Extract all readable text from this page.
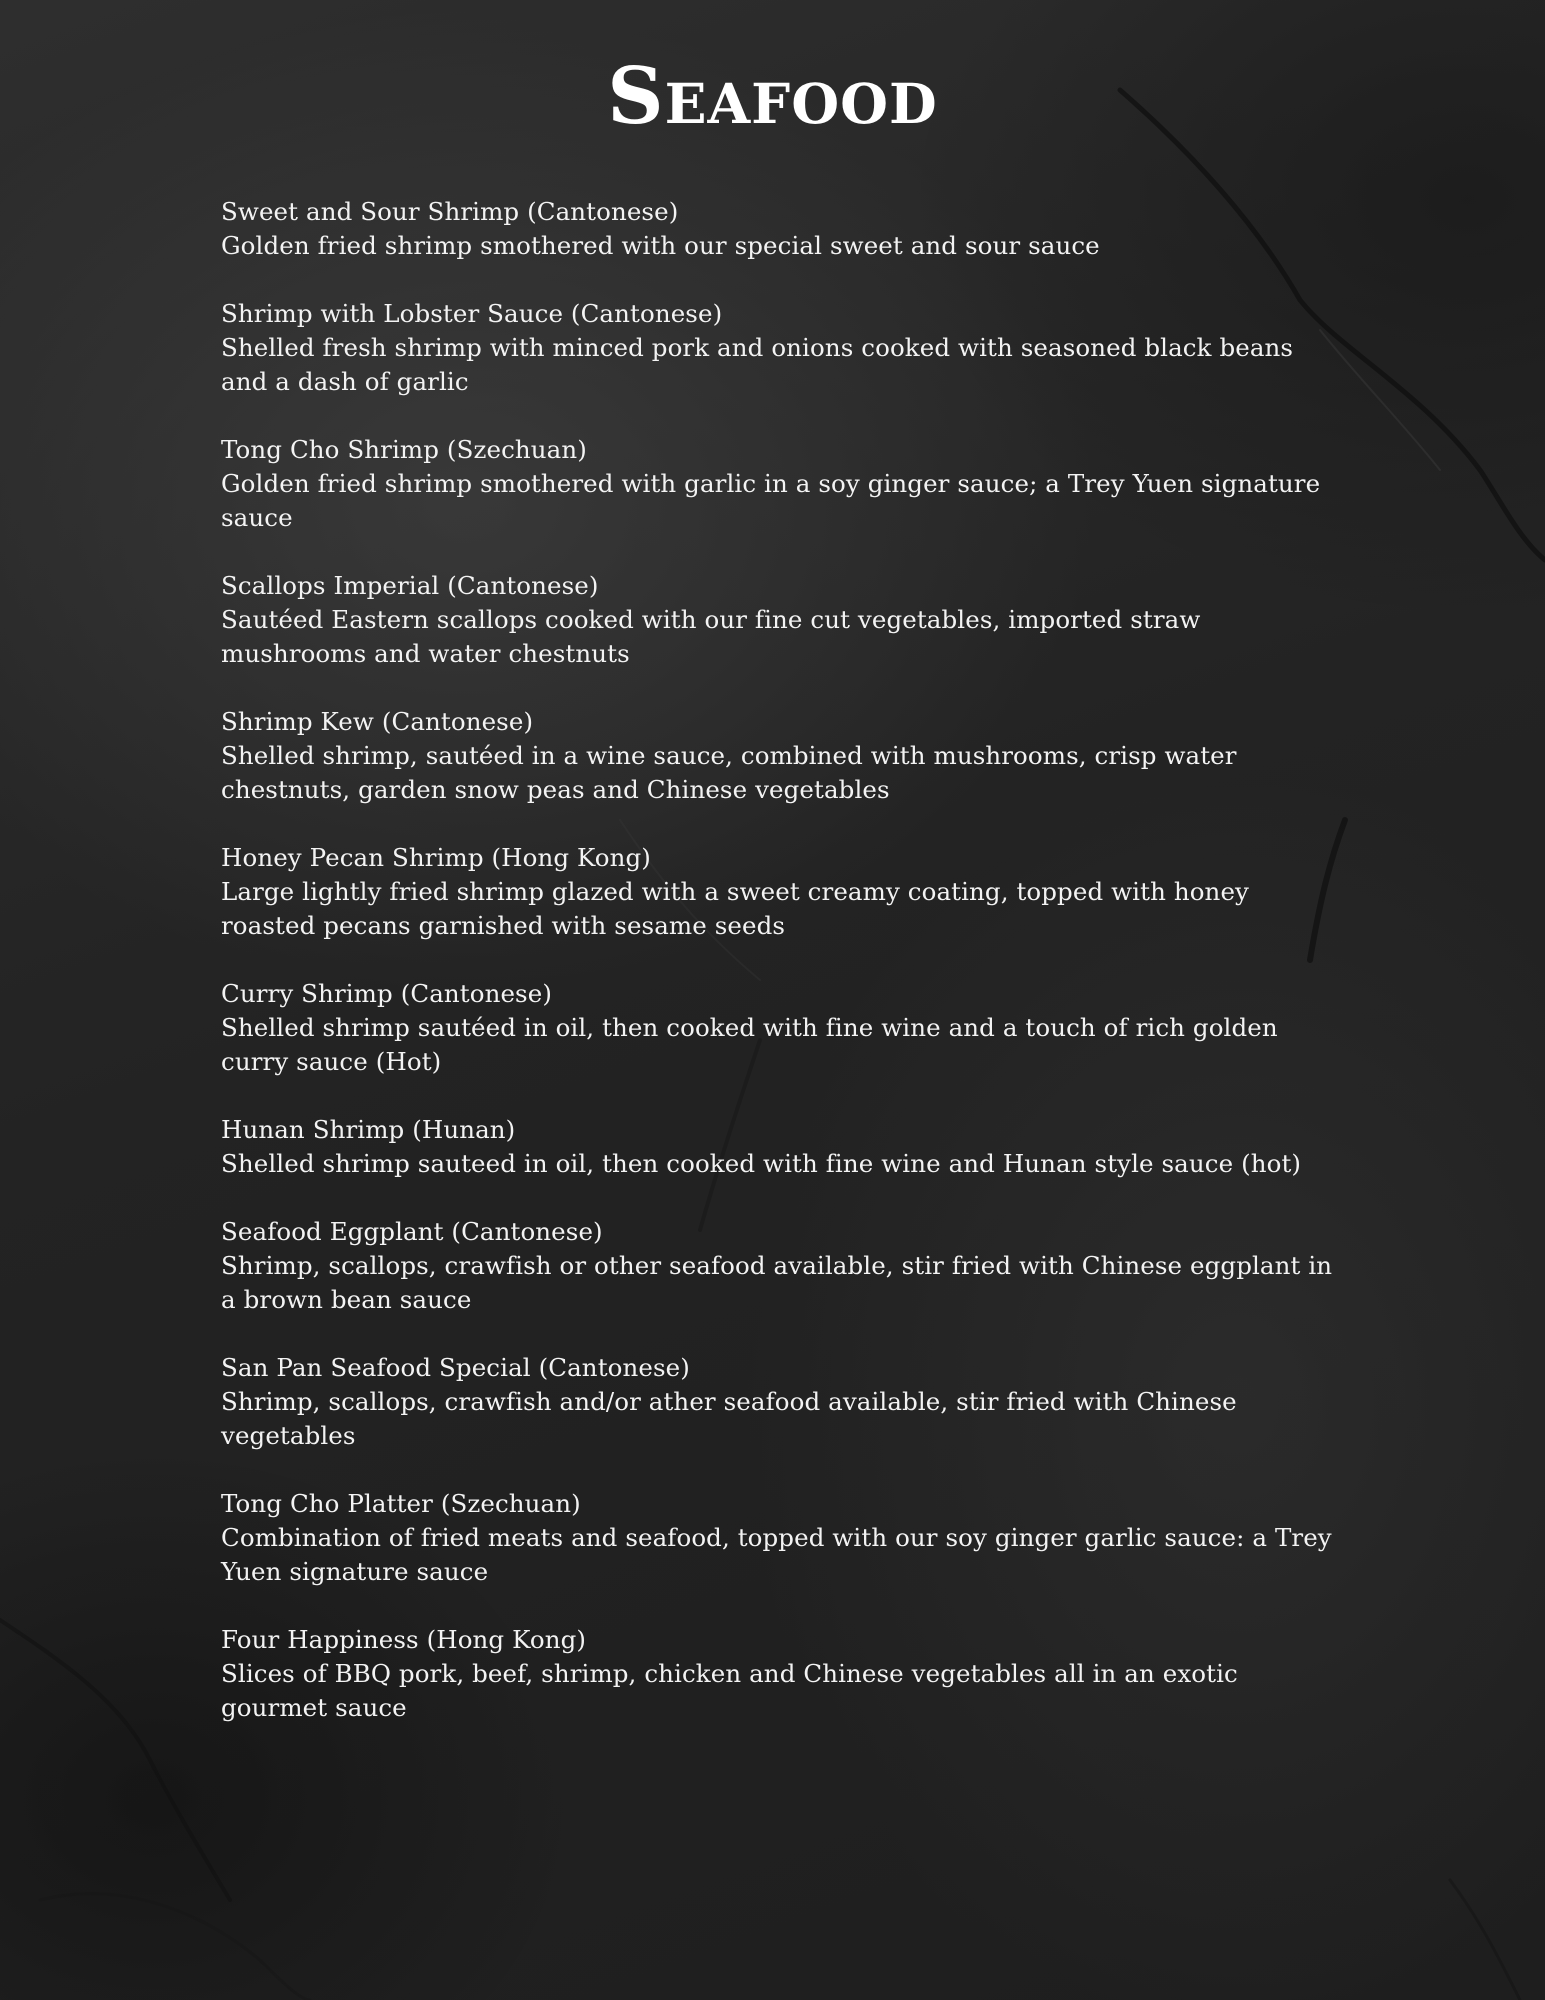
Seafood
Sweet and Sour Shrimp (Cantonese)
Golden fried shrimp smothered with our special sweet and sour sauce
Shrimp with Lobster Sauce (Cantonese)
Shelled fresh shrimp with minced pork and onions cooked with seasoned black beans and a dash of garlic
Tong Cho Shrimp (Szechuan)
Golden fried shrimp smothered with garlic in a soy ginger sauce; a Trey Yuen signature sauce
Scallops Imperial (Cantonese)
Sautéed Eastern scallops cooked with our fine cut vegetables, imported straw mushrooms and water chestnuts
Shrimp Kew (Cantonese)
Shelled shrimp, sautéed in a wine sauce, combined with mushrooms, crisp water chestnuts, garden snow peas and Chinese vegetables
Honey Pecan Shrimp (Hong Kong)
Large lightly fried shrimp glazed with a sweet creamy coating, topped with honey roasted pecans garnished with sesame seeds
Curry Shrimp (Cantonese)
Shelled shrimp sautéed in oil, then cooked with fine wine and a touch of rich golden curry sauce (Hot)
Hunan Shrimp (Hunan)
Shelled shrimp sauteed in oil, then cooked with fine wine and Hunan style sauce (hot)
Seafood Eggplant (Cantonese)
Shrimp, scallops, crawfish or other seafood available, stir fried with Chinese eggplant in a brown bean sauce
San Pan Seafood Special (Cantonese)
Shrimp, scallops, crawfish and/or ather seafood available, stir fried with Chinese vegetables
Tong Cho Platter (Szechuan)
Combination of fried meats and seafood, topped with our soy ginger garlic sauce: a Trey Yuen signature sauce
Four Happiness (Hong Kong)
Slices of BBQ pork, beef, shrimp, chicken and Chinese vegetables all in an exotic gourmet sauce
